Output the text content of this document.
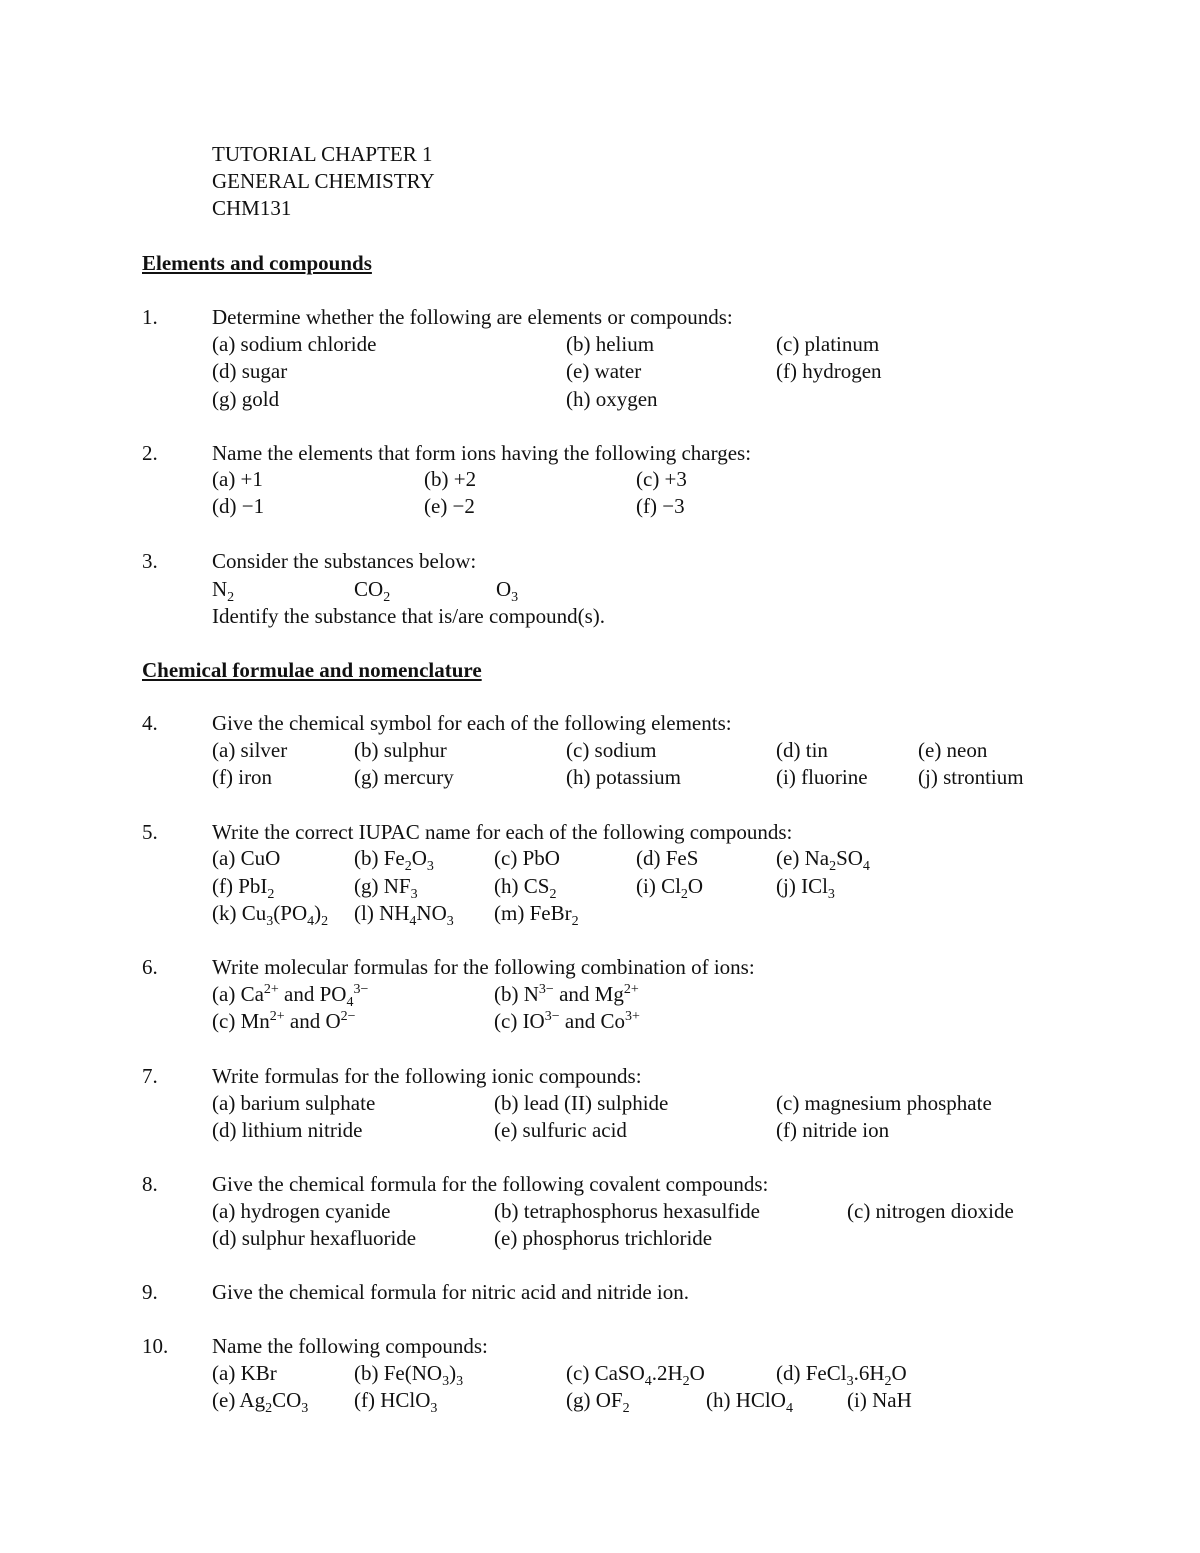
TUTORIAL CHAPTER 1
GENERAL CHEMISTRY
CHM131
Elements and compounds
1.	Determine whether the following are elements or compounds:
(a) sodium chloride	(b) helium	(c) platinum
(d) sugar	(e) water	(f) hydrogen
(g) gold	(h) oxygen
2.	Name the elements that form ions having the following charges:
(a) +1	(b) +2	(c) +3
(d) −1	(e) −2	(f) −3
3.	Consider the substances below:
$N_2$	$CO_2$	$O_3$
Identify the substance that is/are compound(s).
Chemical formulae and nomenclature
4.	Give the chemical symbol for each of the following elements:
(a) silver	(b) sulphur	(c) sodium	(d) tin	(e) neon
(f) iron	(g) mercury	(h) potassium	(i) fluorine (j) strontium
5.	Write the correct IUPAC name for each of the following compounds:
(a) CuO	(b) $Fe_2O_3$	(c) PbO	(d) FeS	(e) $Na_2SO_4$
(f) PbI$_2$	(g) $NF_3$	(h) $CS_2$	(i) $Cl_2O$	(j) ICl$_3$
(k) $Cu_3(PO_4)_2$ (l) $NH_4NO_3$ (m) FeBr$_2$
6.	Write molecular formulas for the following combination of ions:
(a) $Ca^{2+}$ and $PO_4^{3-}$	(b) $N^{3-}$ and $Mg^{2+}$
(c) $Mn^{2+}$ and $O^{2-}$	(c) $IO^{3-}$ and $Co^{3+}$
7.	Write formulas for the following ionic compounds:
(a) barium sulphate	(b) lead (II) sulphide	(c) magnesium phosphate
(d) lithium nitride	(e) sulfuric acid	(f) nitride ion
8.	Give the chemical formula for the following covalent compounds:
(a) hydrogen cyanide	(b) tetraphosphorus hexasulfide	(c) nitrogen dioxide
(d) sulphur hexafluoride	(e) phosphorus trichloride
9.	Give the chemical formula for nitric acid and nitride ion.
10. Name the following compounds:
(a) KBr	(b) $Fe(NO_3)_3$	(c) $CaSO_4.2H_2O$	(d) $FeCl_3.6H_2O$
(e) $Ag_2CO_3$ (f) HClO$_3$	(g) $OF_2$	(h) HClO$_4$	(i) NaH
